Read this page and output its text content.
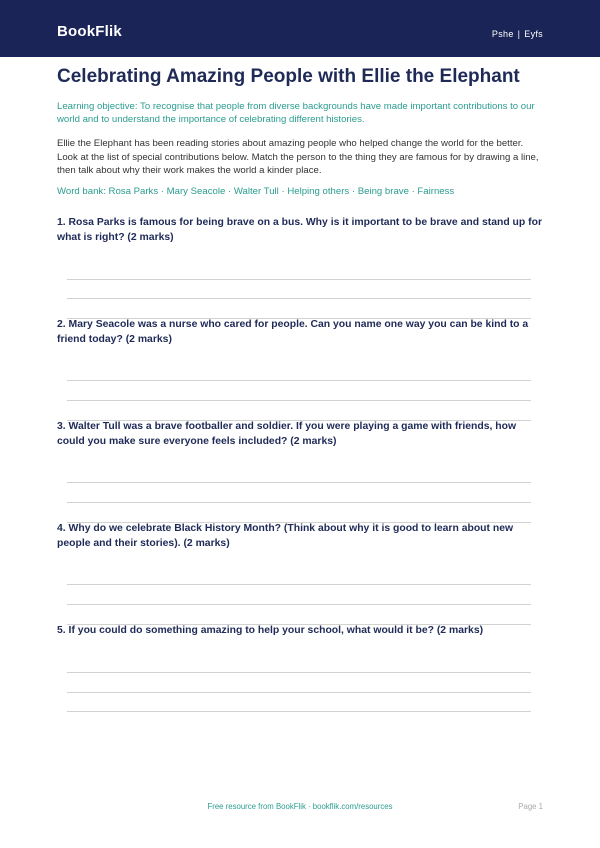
BookFlik	Pshe | Eyfs
Celebrating Amazing People with Ellie the Elephant

Learning objective: To recognise that people from diverse backgrounds have made important contributions to our world and to understand the importance of celebrating different histories.

Ellie the Elephant has been reading stories about amazing people who helped change the world for the better. Look at the list of special contributions below. Match the person to the thing they are famous for by drawing a line, then talk about why their work makes the world a kinder place.

Word bank: Rosa Parks · Mary Seacole · Walter Tull · Helping others · Being brave · Fairness

1. Rosa Parks is famous for being brave on a bus. Why is it important to be brave and stand up for what is right? (2 marks)

2. Mary Seacole was a nurse who cared for people. Can you name one way you can be kind to a friend today? (2 marks)

3. Walter Tull was a brave footballer and soldier. If you were playing a game with friends, how could you make sure everyone feels included? (2 marks)

4. Why do we celebrate Black History Month? (Think about why it is good to learn about new people and their stories). (2 marks)

5. If you could do something amazing to help your school, what would it be? (2 marks)

Free resource from BookFlik · bookflik.com/resources	Page 1
